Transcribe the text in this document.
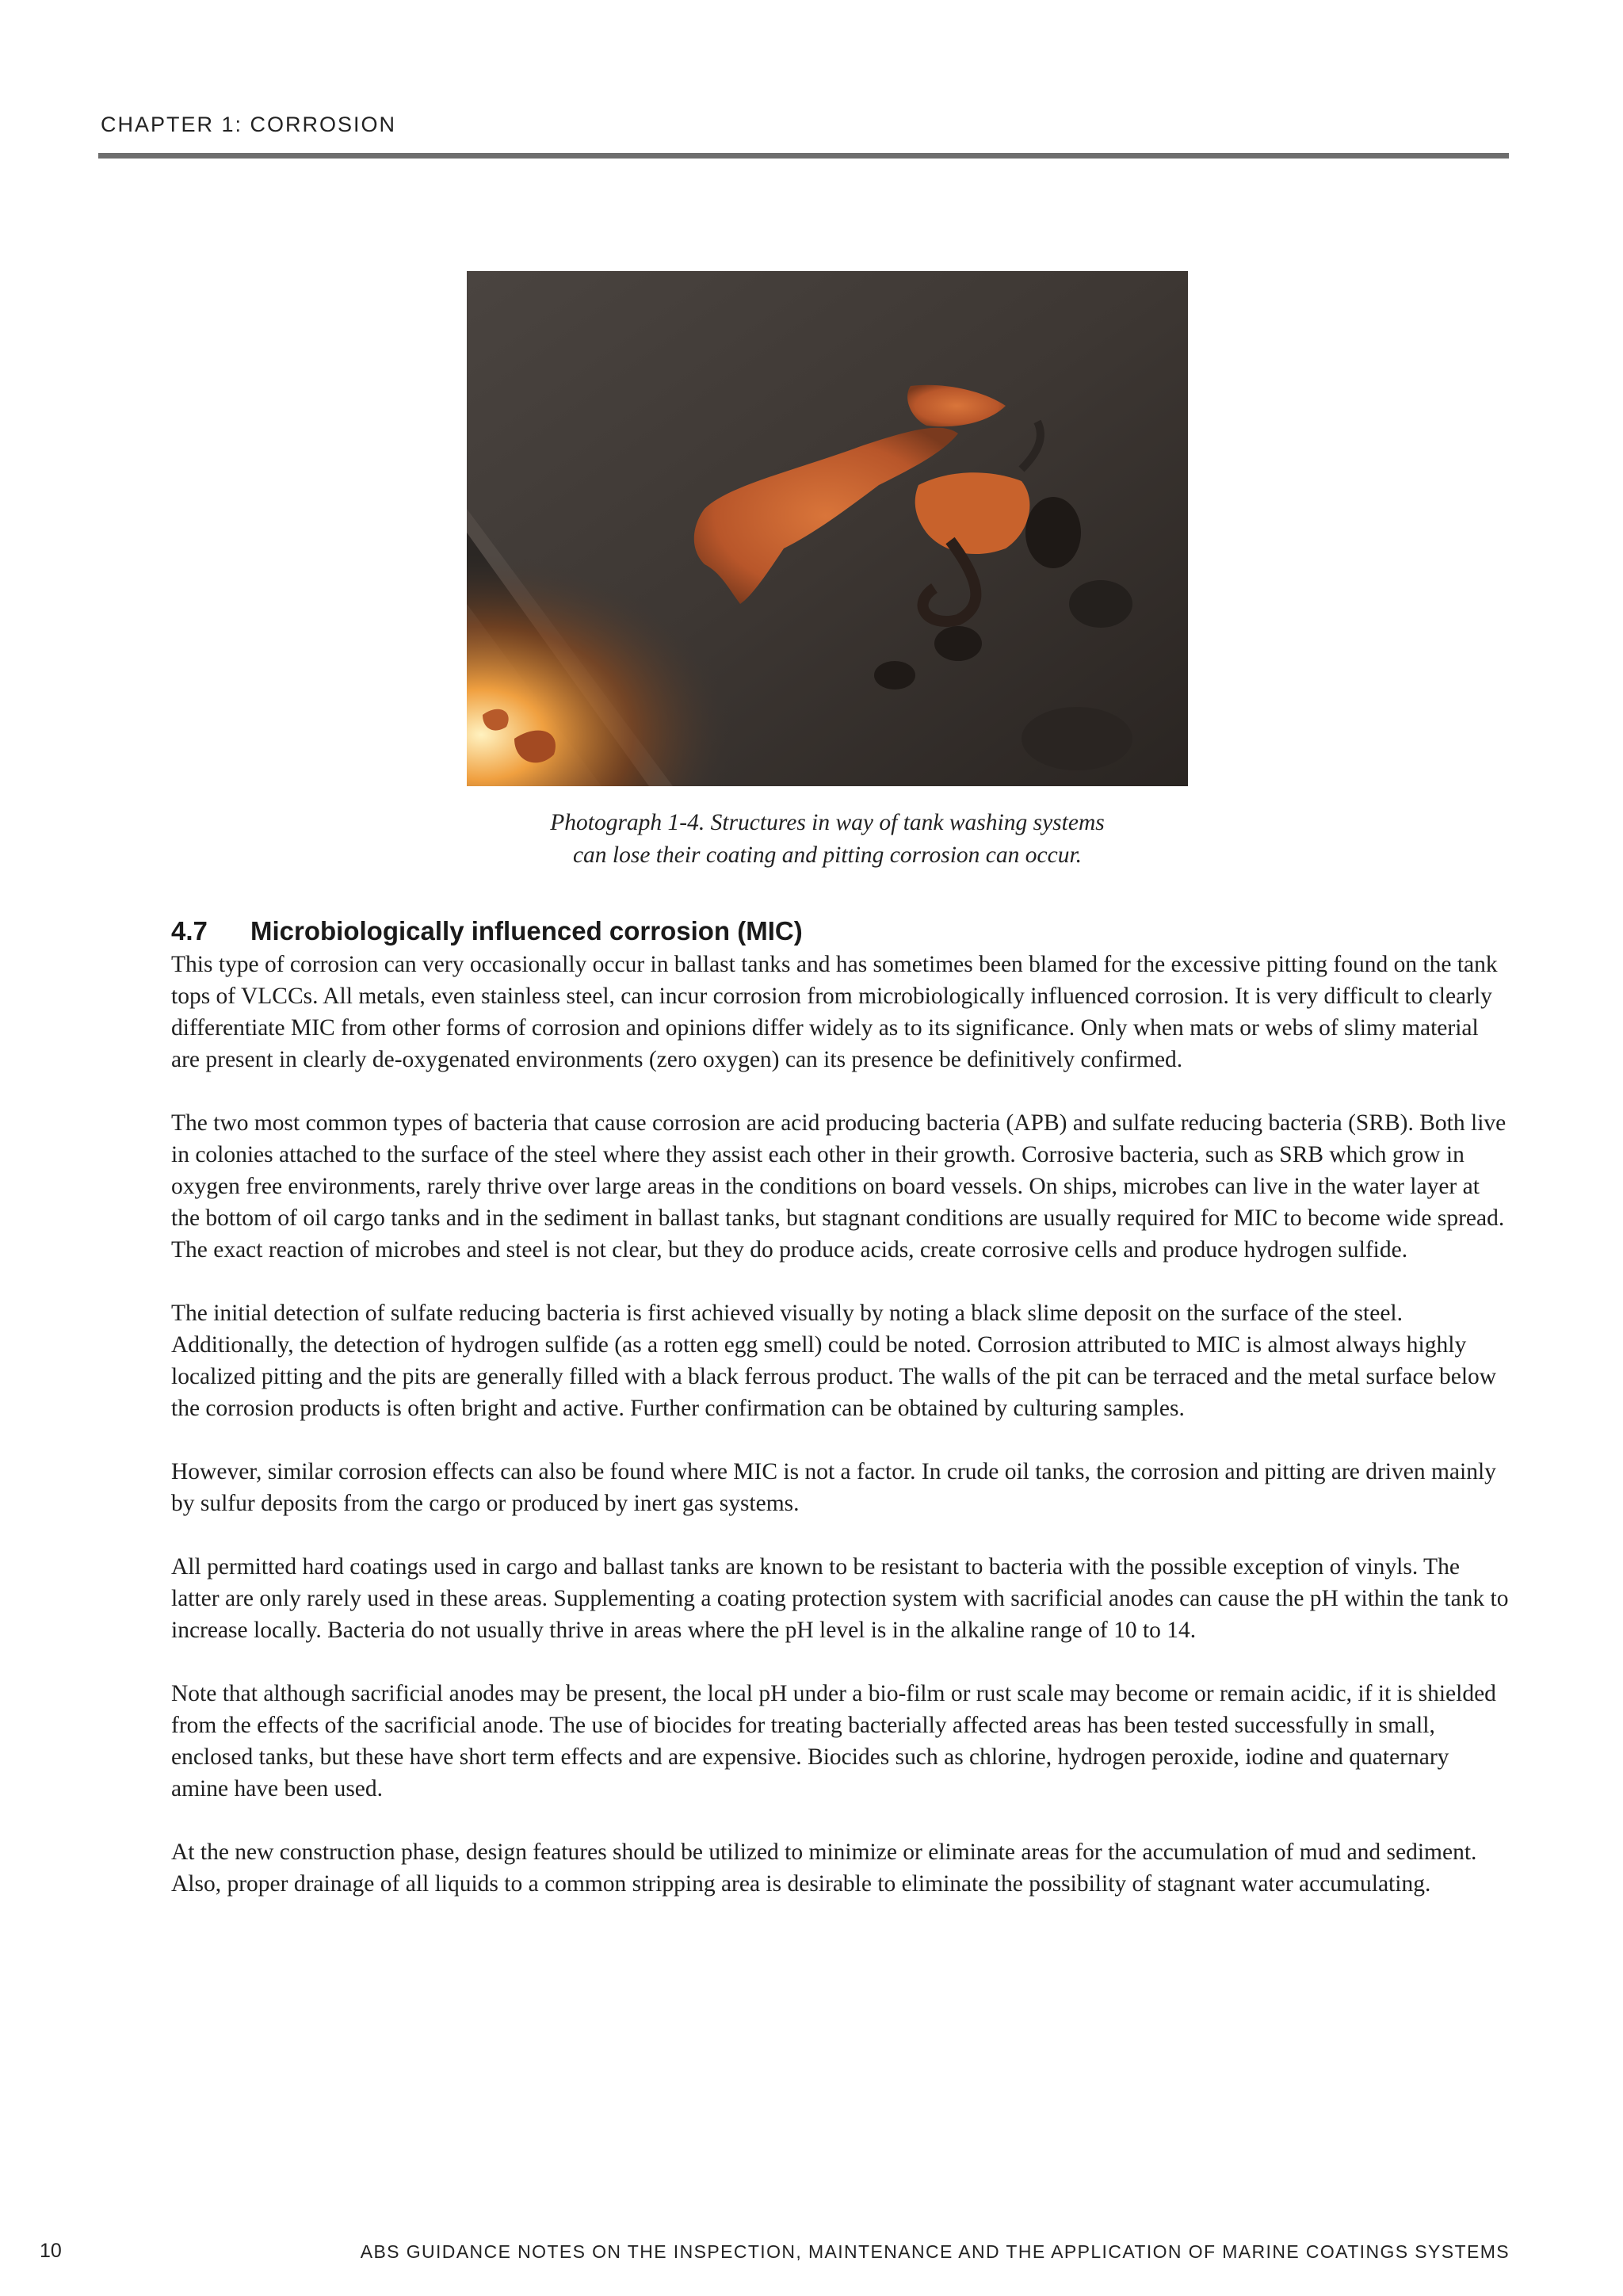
CHAPTER 1: CORROSION
Photograph 1-4. Structures in way of tank washing systems
can lose their coating and pitting corrosion can occur.
4.7 Microbiologically influenced corrosion (MIC)

This type of corrosion can very occasionally occur in ballast tanks and has sometimes been blamed for the excessive pitting found on the tank tops of VLCCs. All metals, even stainless steel, can incur corrosion from microbiologically influenced corrosion. It is very difficult to clearly differentiate MIC from other forms of corrosion and opinions differ widely as to its significance. Only when mats or webs of slimy material are present in clearly de-oxygenated environments (zero oxygen) can its presence be definitively confirmed.

The two most common types of bacteria that cause corrosion are acid producing bacteria (APB) and sulfate reducing bacteria (SRB). Both live in colonies attached to the surface of the steel where they assist each other in their growth. Corrosive bacteria, such as SRB which grow in oxygen free environments, rarely thrive over large areas in the conditions on board vessels. On ships, microbes can live in the water layer at the bottom of oil cargo tanks and in the sediment in ballast tanks, but stagnant conditions are usually required for MIC to become wide spread. The exact reaction of microbes and steel is not clear, but they do produce acids, create corrosive cells and produce hydrogen sulfide.

The initial detection of sulfate reducing bacteria is first achieved visually by noting a black slime deposit on the surface of the steel. Additionally, the detection of hydrogen sulfide (as a rotten egg smell) could be noted. Corrosion attributed to MIC is almost always highly localized pitting and the pits are generally filled with a black ferrous product. The walls of the pit can be terraced and the metal surface below the corrosion products is often bright and active. Further confirmation can be obtained by culturing samples.

However, similar corrosion effects can also be found where MIC is not a factor. In crude oil tanks, the corrosion and pitting are driven mainly by sulfur deposits from the cargo or produced by inert gas systems.

All permitted hard coatings used in cargo and ballast tanks are known to be resistant to bacteria with the possible exception of vinyls. The latter are only rarely used in these areas. Supplementing a coating protection system with sacrificial anodes can cause the pH within the tank to increase locally. Bacteria do not usually thrive in areas where the pH level is in the alkaline range of 10 to 14.

Note that although sacrificial anodes may be present, the local pH under a bio-film or rust scale may become or remain acidic, if it is shielded from the effects of the sacrificial anode. The use of biocides for treating bacterially affected areas has been tested successfully in small, enclosed tanks, but these have short term effects and are expensive. Biocides such as chlorine, hydrogen peroxide, iodine and quaternary amine have been used.

At the new construction phase, design features should be utilized to minimize or eliminate areas for the accumulation of mud and sediment. Also, proper drainage of all liquids to a common stripping area is desirable to eliminate the possibility of stagnant water accumulating.

10	ABS GUIDANCE NOTES ON THE INSPECTION, MAINTENANCE AND THE APPLICATION OF MARINE COATINGS SYSTEMS
